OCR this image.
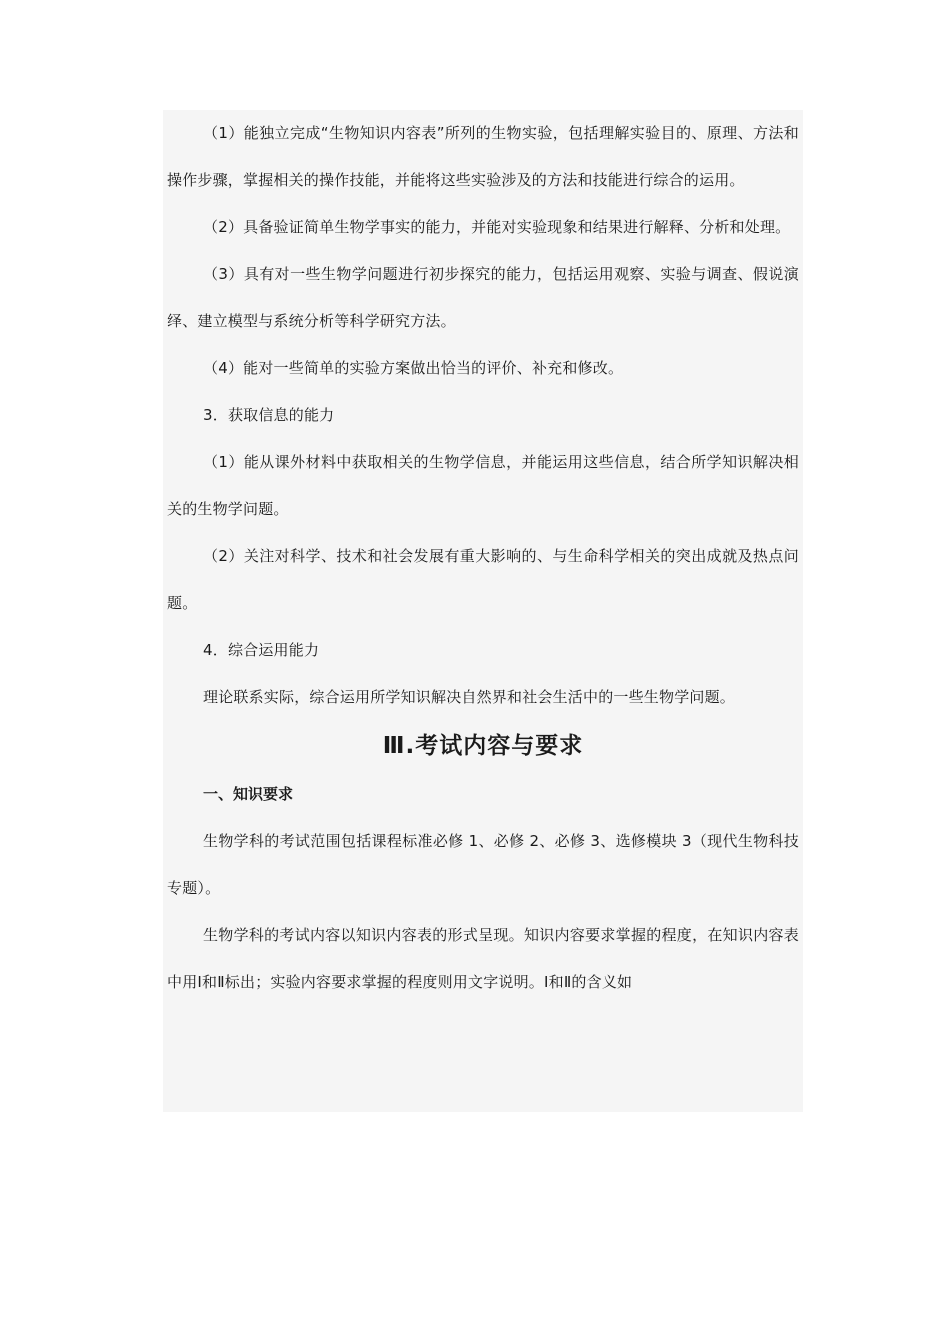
（1）能独立完成“生物知识内容表”所列的生物实验，包括理解实验目的、原理、方法和操作步骤，掌握相关的操作技能，并能将这些实验涉及的方法和技能进行综合的运用。

（2）具备验证简单生物学事实的能力，并能对实验现象和结果进行解释、分析和处理。

（3）具有对一些生物学问题进行初步探究的能力，包括运用观察、实验与调查、假说演绎、建立模型与系统分析等科学研究方法。

（4）能对一些简单的实验方案做出恰当的评价、补充和修改。

3．获取信息的能力

（1）能从课外材料中获取相关的生物学信息，并能运用这些信息，结合所学知识解决相关的生物学问题。

（2）关注对科学、技术和社会发展有重大影响的、与生命科学相关的突出成就及热点问题。

4．综合运用能力

理论联系实际，综合运用所学知识解决自然界和社会生活中的一些生物学问题。

Ⅲ.考试内容与要求

一、知识要求

生物学科的考试范围包括课程标准必修 1、必修 2、必修 3、选修模块 3（现代生物科技专题）。

生物学科的考试内容以知识内容表的形式呈现。知识内容要求掌握的程度，在知识内容表中用Ⅰ和Ⅱ标出；实验内容要求掌握的程度则用文字说明。Ⅰ和Ⅱ的含义如
